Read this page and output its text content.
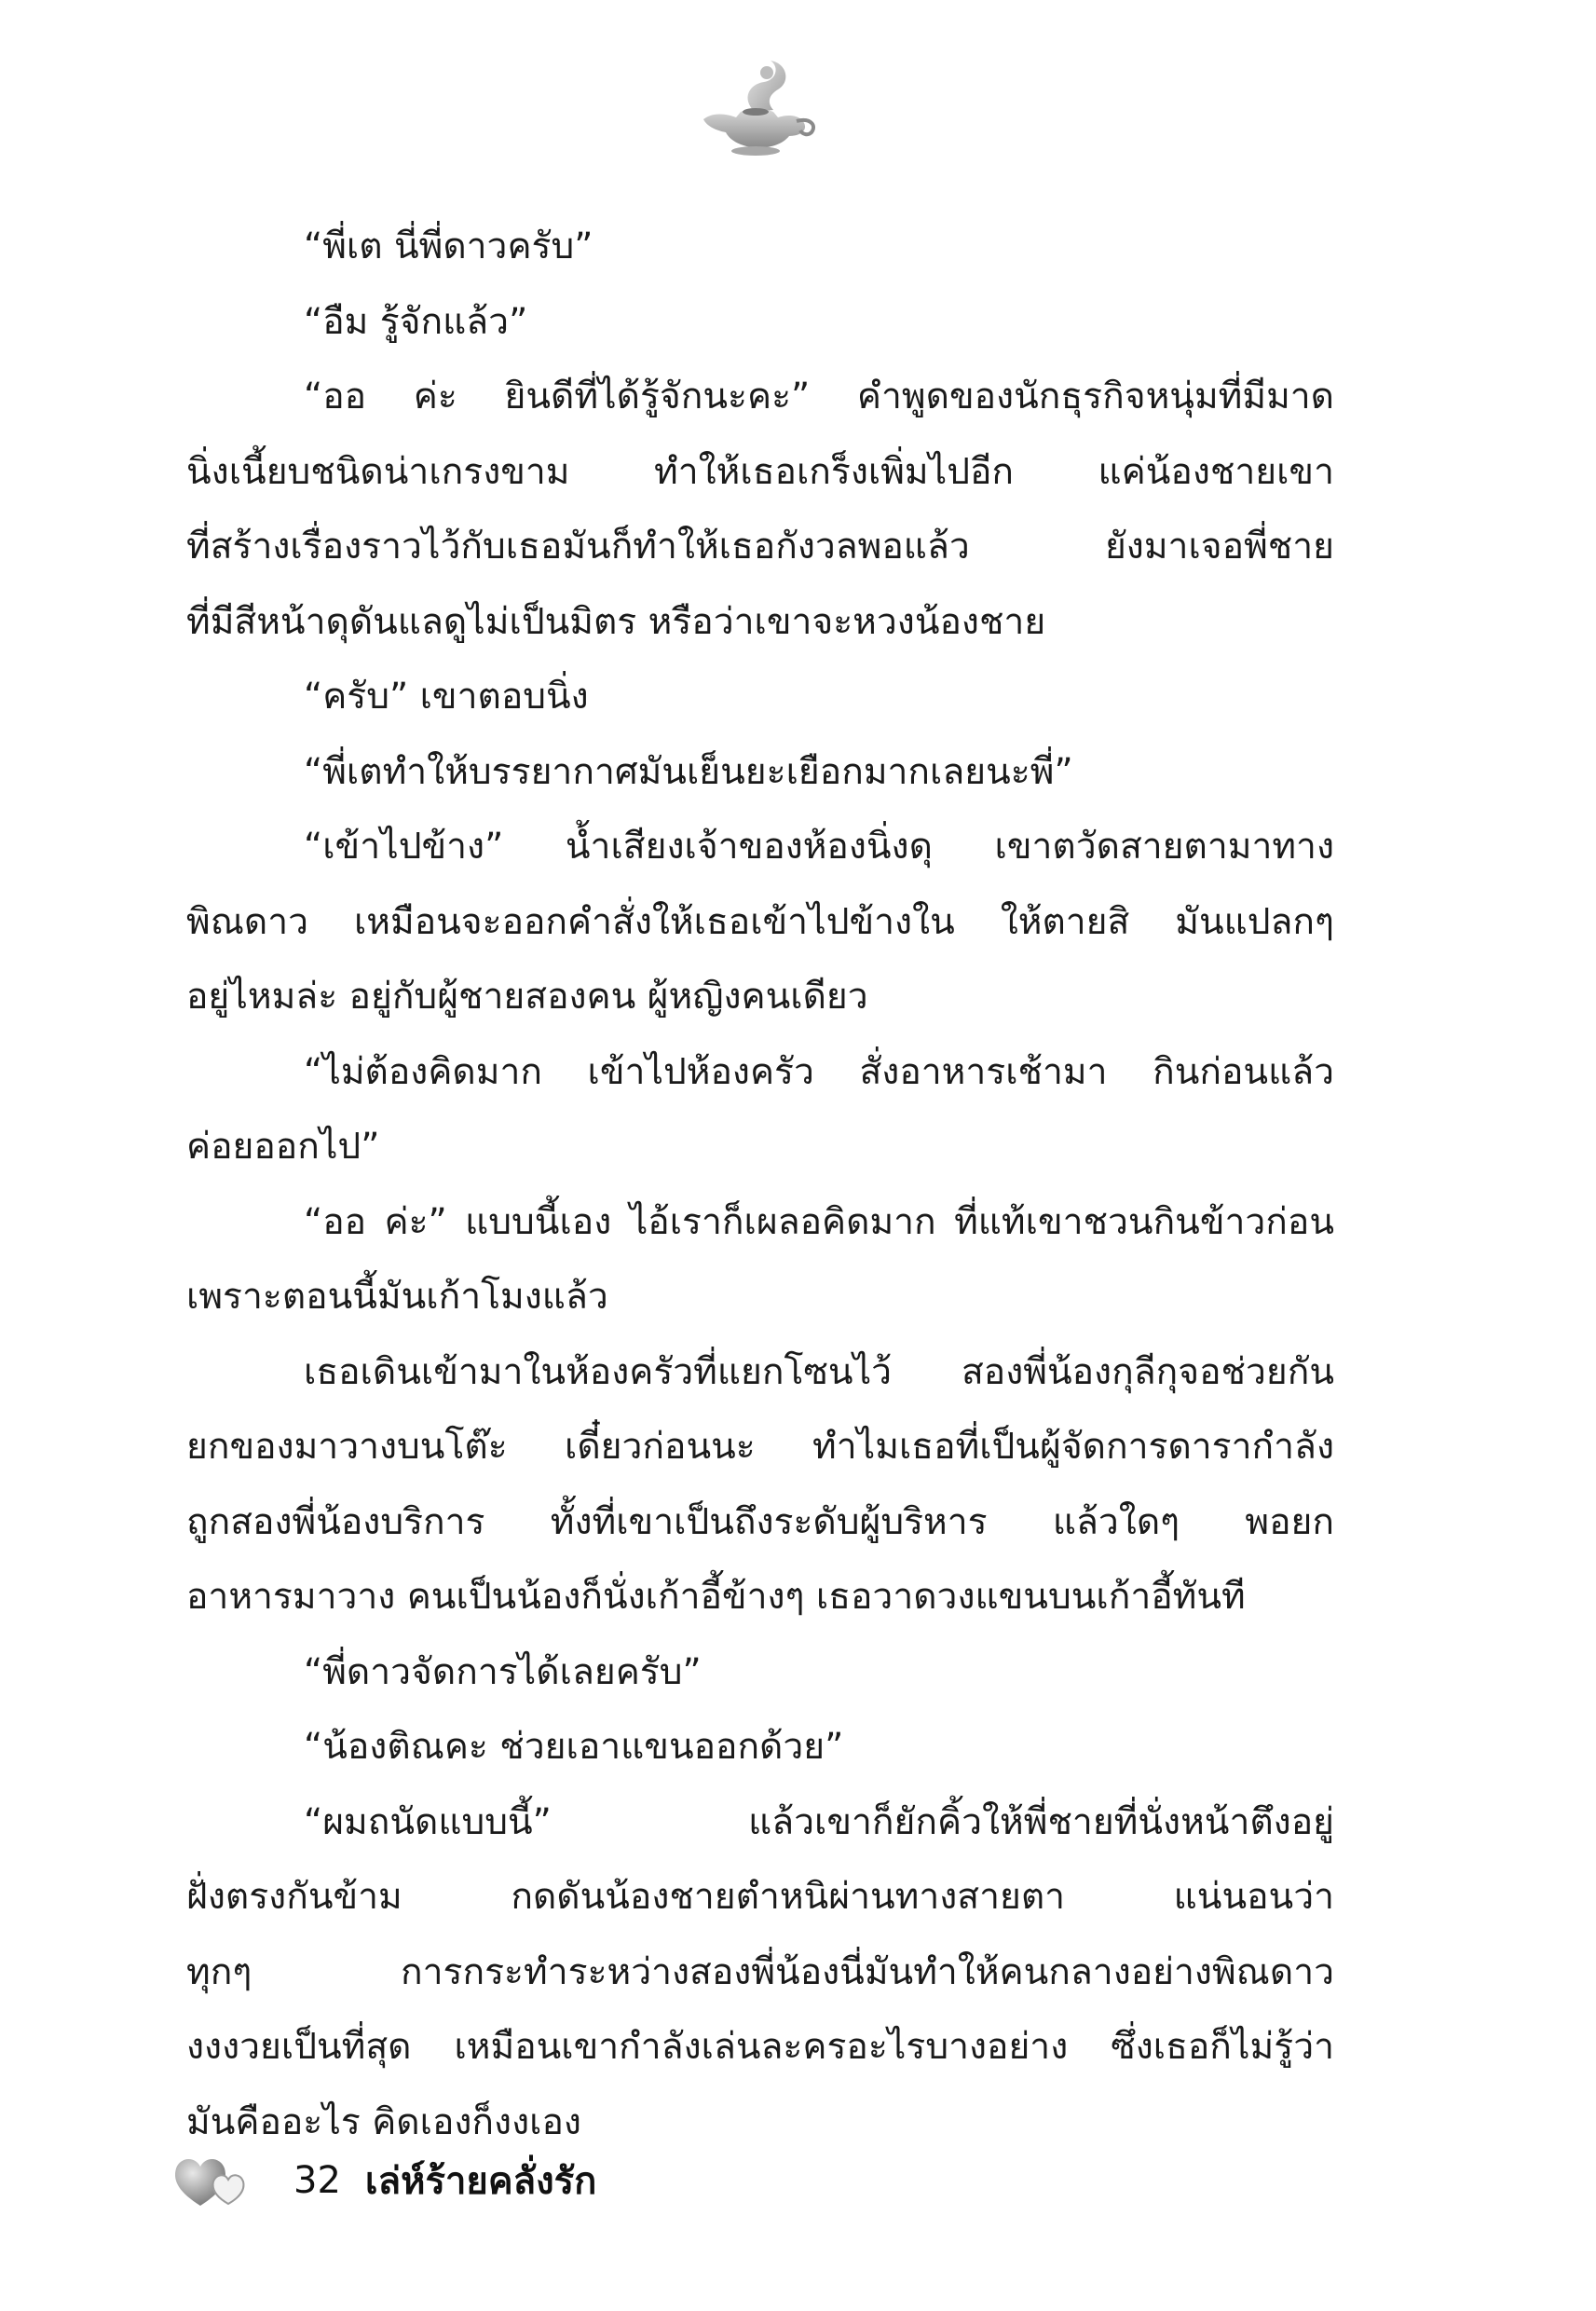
“พี่เต นี่พี่ดาวครับ”
“อืม รู้จักแล้ว”
“ออ ค่ะ ยินดีที่ได้รู้จักนะคะ” คำพูดของนักธุรกิจหนุ่มที่มีมาด
นิ่งเนี้ยบชนิดน่าเกรงขาม ทำให้เธอเกร็งเพิ่มไปอีก แค่น้องชายเขา
ที่สร้างเรื่องราวไว้กับเธอมันก็ทำให้เธอกังวลพอแล้ว ยังมาเจอพี่ชาย
ที่มีสีหน้าดุดันแลดูไม่เป็นมิตร หรือว่าเขาจะหวงน้องชาย
“ครับ” เขาตอบนิ่ง
“พี่เตทำให้บรรยากาศมันเย็นยะเยือกมากเลยนะพี่”
“เข้าไปข้าง” น้ำเสียงเจ้าของห้องนิ่งดุ เขาตวัดสายตามาทาง
พิณดาว เหมือนจะออกคำสั่งให้เธอเข้าไปข้างใน ให้ตายสิ มันแปลกๆ
อยู่ไหมล่ะ อยู่กับผู้ชายสองคน ผู้หญิงคนเดียว
“ไม่ต้องคิดมาก เข้าไปห้องครัว สั่งอาหารเช้ามา กินก่อนแล้ว
ค่อยออกไป”
“ออ ค่ะ” แบบนี้เอง ไอ้เราก็เผลอคิดมาก ที่แท้เขาชวนกินข้าวก่อน
เพราะตอนนี้มันเก้าโมงแล้ว
เธอเดินเข้ามาในห้องครัวที่แยกโซนไว้ สองพี่น้องกุลีกุจอช่วยกัน
ยกของมาวางบนโต๊ะ เดี๋ยวก่อนนะ ทำไมเธอที่เป็นผู้จัดการดารากำลัง
ถูกสองพี่น้องบริการ ทั้งที่เขาเป็นถึงระดับผู้บริหาร แล้วใดๆ พอยก
อาหารมาวาง คนเป็นน้องก็นั่งเก้าอี้ข้างๆ เธอวาดวงแขนบนเก้าอี้ทันที
“พี่ดาวจัดการได้เลยครับ”
“น้องติณคะ ช่วยเอาแขนออกด้วย”
“ผมถนัดแบบนี้” แล้วเขาก็ยักคิ้วให้พี่ชายที่นั่งหน้าตึงอยู่
ฝั่งตรงกันข้าม กดดันน้องชายตำหนิผ่านทางสายตา แน่นอนว่า
ทุกๆ การกระทำระหว่างสองพี่น้องนี่มันทำให้คนกลางอย่างพิณดาว
งงงวยเป็นที่สุด เหมือนเขากำลังเล่นละครอะไรบางอย่าง ซึ่งเธอก็ไม่รู้ว่า
มันคืออะไร คิดเองก็งงเอง
32 เล่ห์ร้ายคลั่งรัก
